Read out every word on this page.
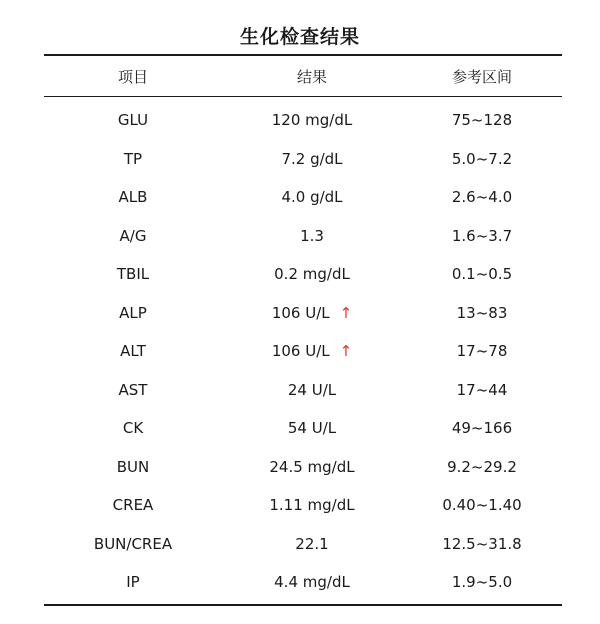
生化检查结果
项目	结果	参考区间
GLU	120 mg/dL	75~128
TP	7.2 g/dL	5.0~7.2
ALB	4.0 g/dL	2.6~4.0
A/G	1.3	1.6~3.7
TBIL	0.2 mg/dL	0.1~0.5
ALP	106 U/L ↑	13~83
ALT	106 U/L ↑	17~78
AST	24 U/L	17~44
CK	54 U/L	49~166
BUN	24.5 mg/dL	9.2~29.2
CREA	1.11 mg/dL	0.40~1.40
BUN/CREA	22.1	12.5~31.8
IP	4.4 mg/dL	1.9~5.0
